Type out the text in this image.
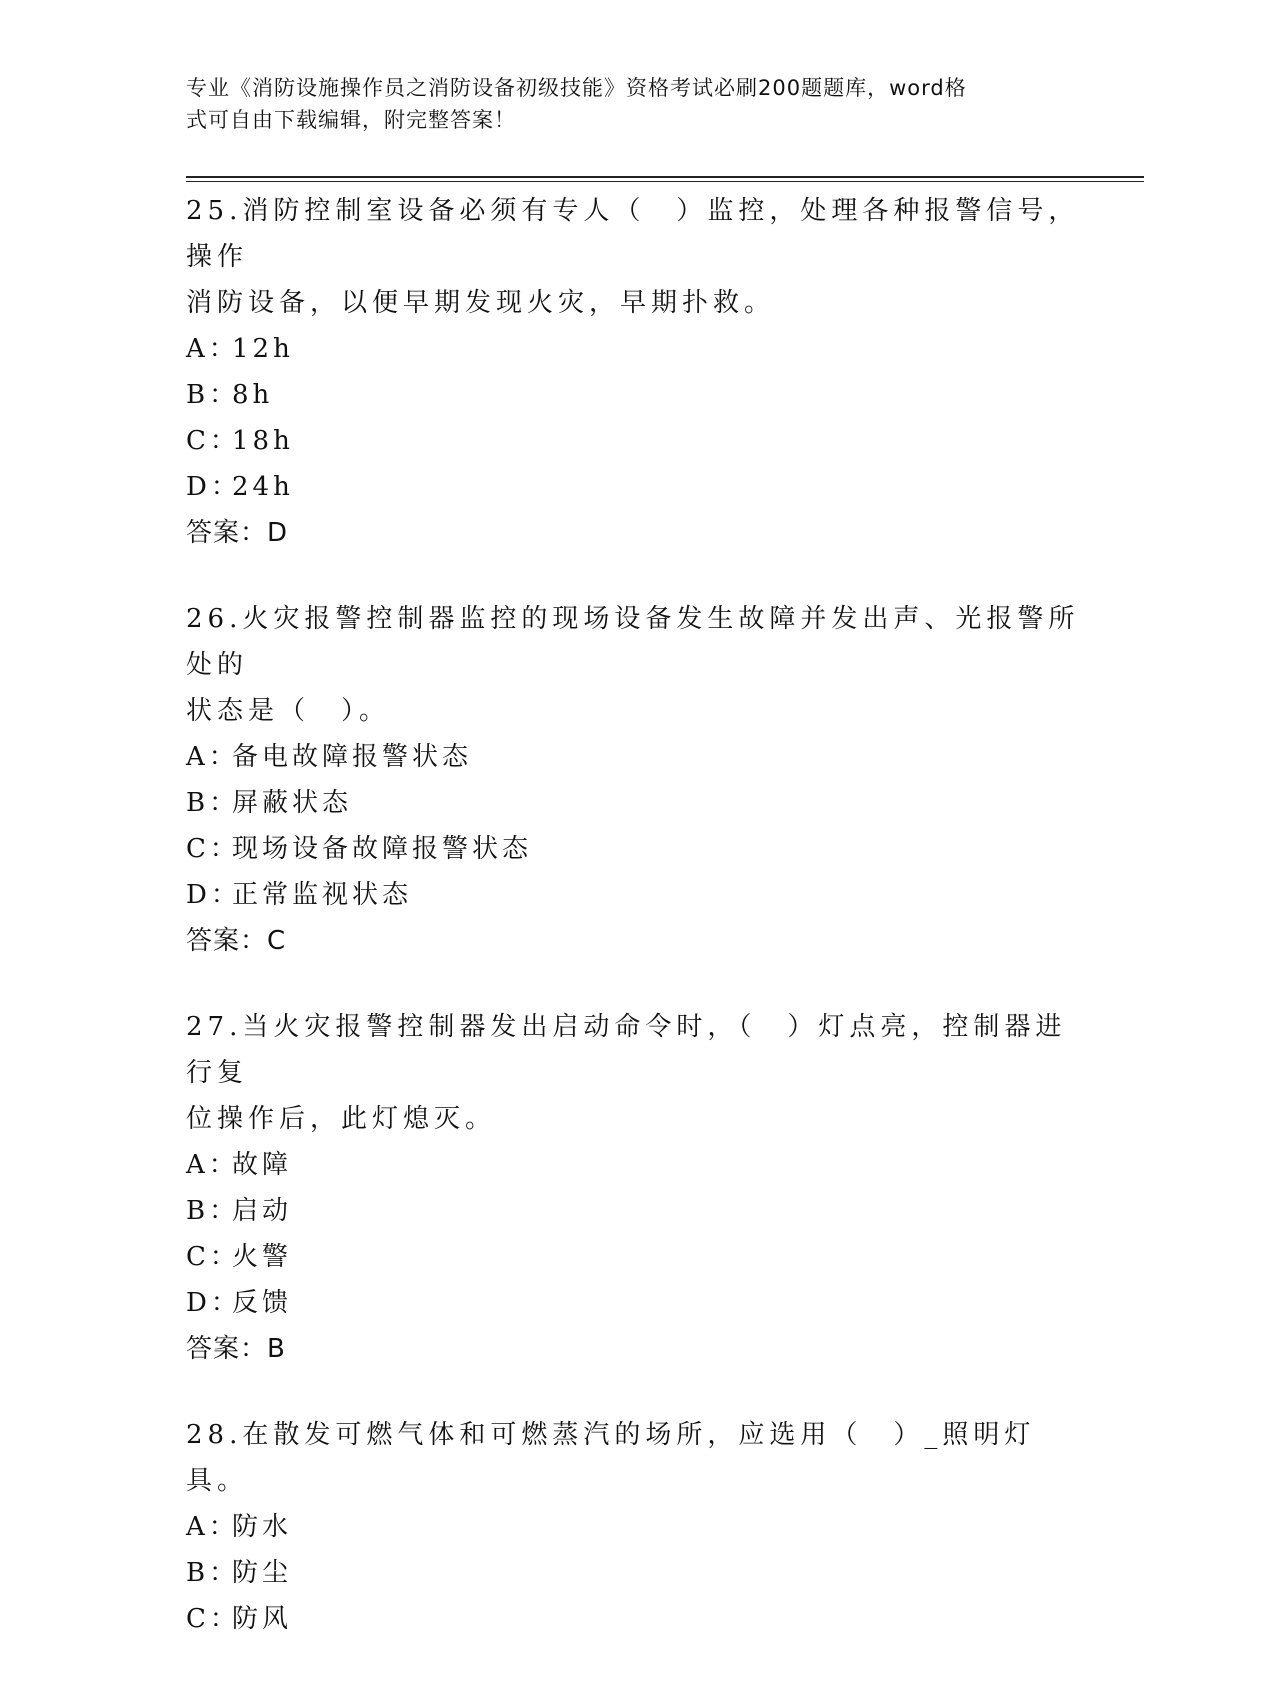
专业《消防设施操作员之消防设备初级技能》资格考试必刷200题题库，word格
式可自由下载编辑，附完整答案！
25.消防控制室设备必须有专人（　）监控，处理各种报警信号，操作
消防设备，以便早期发现火灾，早期扑救。
A：12h
B：8h
C：18h
D：24h
答案：D
26.火灾报警控制器监控的现场设备发生故障并发出声、光报警所处的
状态是（　）。
A：备电故障报警状态
B：屏蔽状态
C：现场设备故障报警状态
D：正常监视状态
答案：C
27.当火灾报警控制器发出启动命令时，（　）灯点亮，控制器进行复
位操作后，此灯熄灭。
A：故障
B：启动
C：火警
D：反馈
答案：B
28.在散发可燃气体和可燃蒸汽的场所，应选用（　）_照明灯具。
A：防水
B：防尘
C：防风
